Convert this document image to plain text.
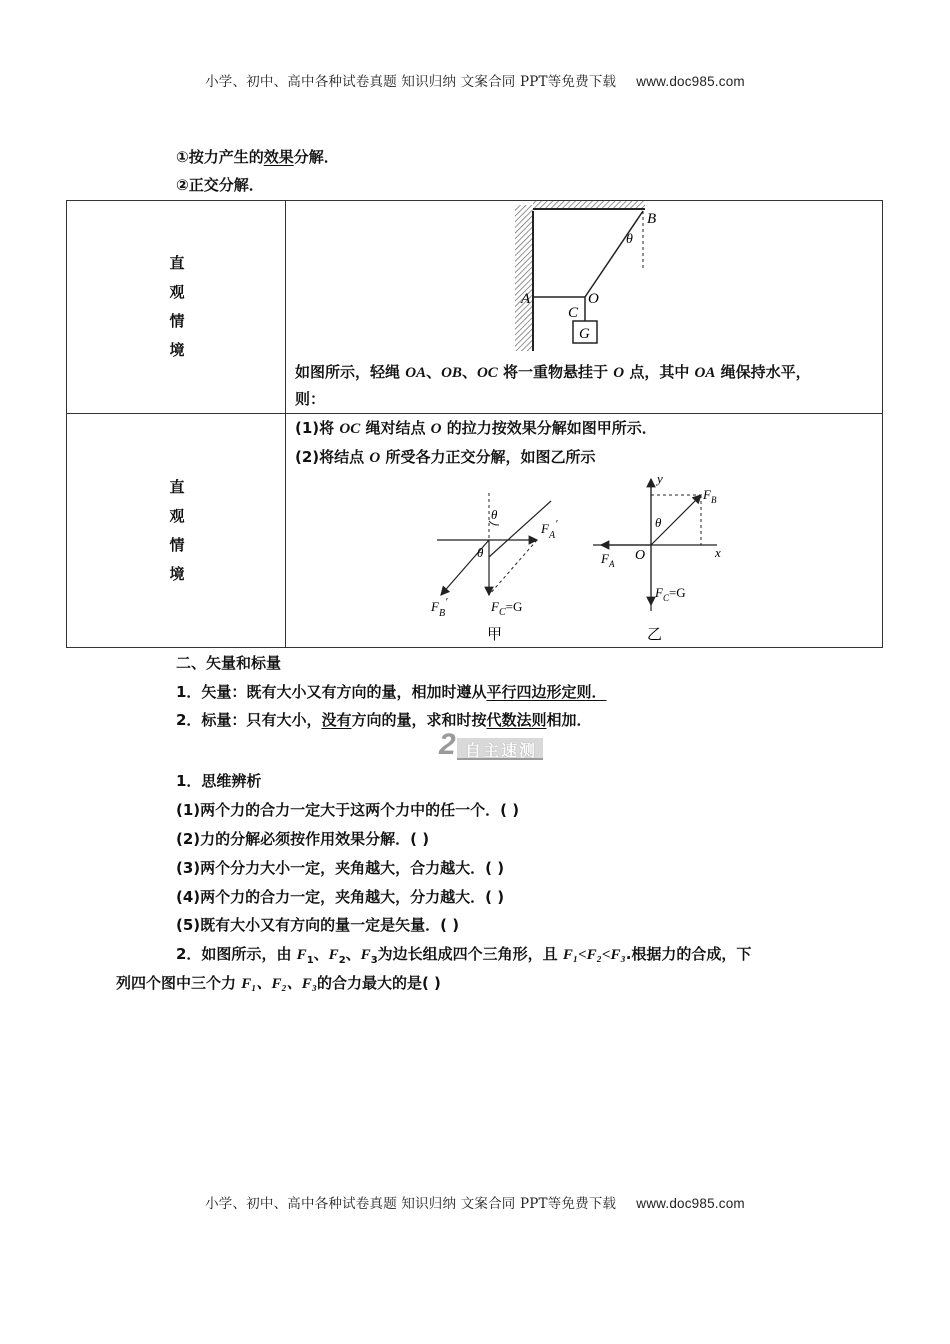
小学、初中、高中各种试卷真题 知识归纳 文案合同 PPT等免费下载 www.doc985.com
①按力产生的效果分解．
②正交分解．
直
观
情
境
G
A
B
C
O
θ
如图所示，轻绳 OA、OB、OC 将一重物悬挂于 O 点，其中 OA 绳保持水平，
则：
直
观
情
境
(1)将 OC 绳对结点 O 的拉力按效果分解如图甲所示．
(2)将结点 O 所受各力正交分解，如图乙所示
θ
θ
$F_A'$
$F_B'$	$F_C=G$
甲
y
x
O
θ
$F_B$
$F_A$
$F_C=G$
乙
二、矢量和标量
1．矢量：既有大小又有方向的量，相加时遵从平行四边形定则．
2．标量：只有大小，没有方向的量，求和时按代数法则相加．
2 自主速测
1．思维辨析
(1)两个力的合力一定大于这两个力中的任一个．( )
(2)力的分解必须按作用效果分解．( )
(3)两个分力大小一定，夹角越大，合力越大．( )
(4)两个力的合力一定，夹角越大，分力越大．( )
(5)既有大小又有方向的量一定是矢量．( )
2．如图所示，由 $F_1$、$F_2$、$F_3$为边长组成四个三角形，且 F₁<F₂<F₃.根据力的合成，下
列四个图中三个力 F₁、F₂、F₃的合力最大的是( )
小学、初中、高中各种试卷真题 知识归纳 文案合同 PPT等免费下载 www.doc985.com
